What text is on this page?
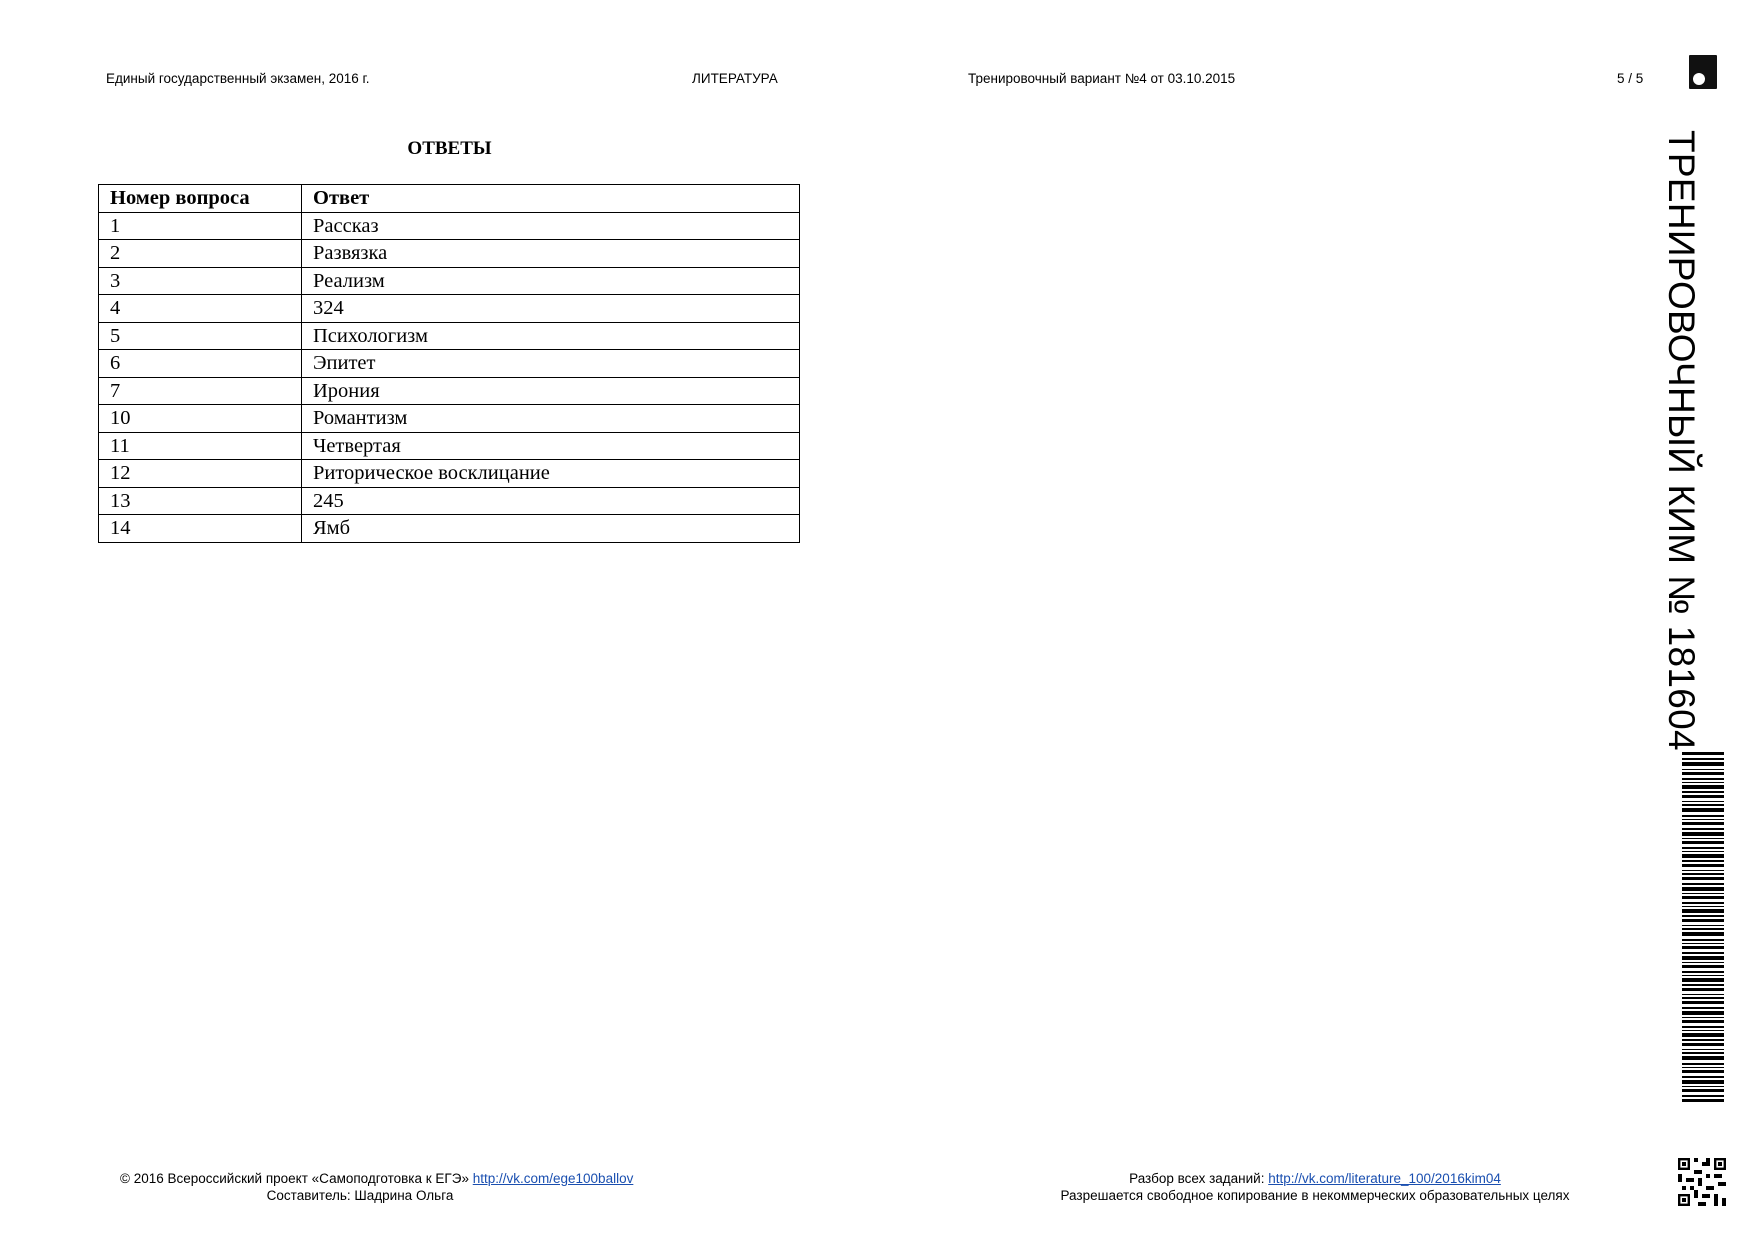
Единый государственный экзамен, 2016 г.	ЛИТЕРАТУРА	Тренировочный вариант №4 от 03.10.2015	5 / 5
ОТВЕТЫ
Номер вопроса	Ответ
1	Рассказ
2	Развязка
3	Реализм
4	324
5	Психологизм
6	Эпитет
7	Ирония
10	Романтизм
11	Четвертая
12	Риторическое восклицание
13	245
14	Ямб	ТРЕНИРОВОЧНЫЙ КИМ № 181604
© 2016 Всероссийский проект «Самоподготовка к ЕГЭ» http://vk.com/ege100ballov
Составитель: Шадрина Ольга
Разбор всех заданий: http://vk.com/literature_100/2016kim04
Разрешается свободное копирование в некоммерческих образовательных целях
